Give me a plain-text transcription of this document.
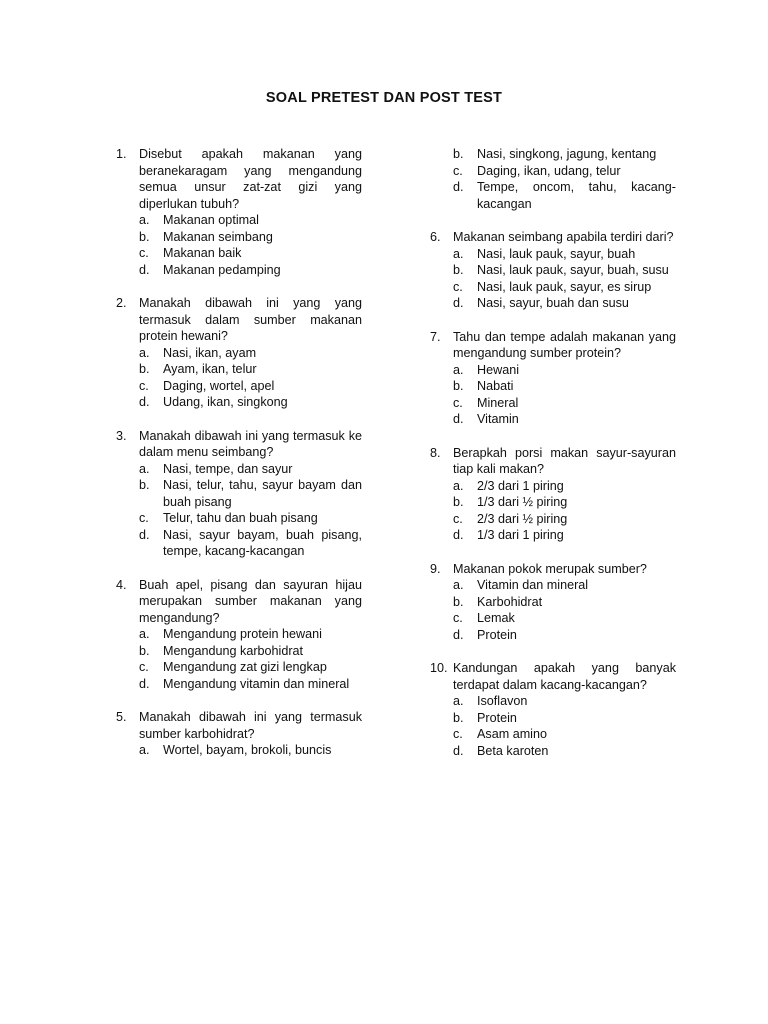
SOAL PRETEST DAN POST TEST
1. Disebut apakah makanan yang beranekaragam yang mengandung semua unsur zat-zat gizi yang diperlukan tubuh?
a.	Makanan optimal
b.	Makanan seimbang
c.	Makanan baik
d.	Makanan pedamping
2. Manakah dibawah ini yang yang termasuk dalam sumber makanan protein hewani?
a.	Nasi, ikan, ayam
b.	Ayam, ikan, telur
c.	Daging, wortel, apel
d.	Udang, ikan, singkong
3. Manakah dibawah ini yang termasuk ke dalam menu seimbang?
a.	Nasi, tempe, dan sayur
b.	Nasi, telur, tahu, sayur bayam dan buah pisang
c.	Telur, tahu dan buah pisang
d.	Nasi, sayur bayam, buah pisang, tempe, kacang-kacangan
4. Buah apel, pisang dan sayuran hijau merupakan sumber makanan yang mengandung?
a.	Mengandung protein hewani
b.	Mengandung karbohidrat
c.	Mengandung zat gizi lengkap
d.	Mengandung vitamin dan mineral
5. Manakah dibawah ini yang termasuk sumber karbohidrat?
a.	Wortel, bayam, brokoli, buncis
b.	Nasi, singkong, jagung, kentang
c.	Daging, ikan, udang, telur
d.	Tempe, oncom, tahu, kacang-kacangan
6. Makanan seimbang apabila terdiri dari?
a.	Nasi, lauk pauk, sayur, buah
b.	Nasi, lauk pauk, sayur, buah, susu
c.	Nasi, lauk pauk, sayur, es sirup
d.	Nasi, sayur, buah dan susu
7. Tahu dan tempe adalah makanan yang mengandung sumber protein?
a.	Hewani
b.	Nabati
c.	Mineral
d.	Vitamin
8. Berapkah porsi makan sayur-sayuran tiap kali makan?
a.	2/3 dari 1 piring
b.	1/3 dari ½ piring
c.	2/3 dari ½ piring
d.	1/3 dari 1 piring
9. Makanan pokok merupak sumber?
a.	Vitamin dan mineral
b.	Karbohidrat
c.	Lemak
d.	Protein
10. Kandungan apakah yang banyak terdapat dalam kacang-kacangan?
a.	Isoflavon
b.	Protein
c.	Asam amino
d.	Beta karoten
